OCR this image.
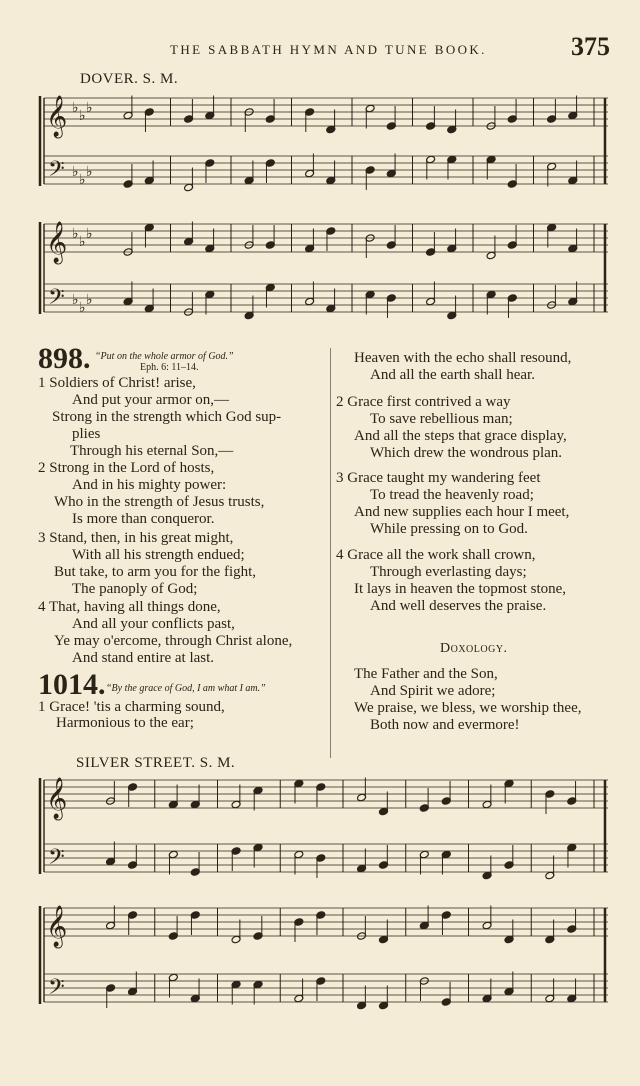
THE SABBATH HYMN AND TUNE BOOK.	375
DOVER. S. M.
𝄞
𝄢
♭
♭
♭
♭
♭
♭
𝄞
𝄢
♭
♭
♭
♭
♭
♭
898. “Put on the whole armor of God.”
Eph. 6: 11–14.
1 Soldiers of Christ! arise,
And put your armor on,—
Strong in the strength which God sup-
plies
Through his eternal Son,—
2 Strong in the Lord of hosts,
And in his mighty power:
Who in the strength of Jesus trusts,
Is more than conqueror.
3 Stand, then, in his great might,
With all his strength endued;
But take, to arm you for the fight,
The panoply of God;
4 That, having all things done,
And all your conflicts past,
Ye may o'ercome, through Christ alone,
And stand entire at last.
1014. “By the grace of God, I am what I am.”
1 Grace! 'tis a charming sound,
Harmonious to the ear;
Heaven with the echo shall resound,
And all the earth shall hear.
2 Grace first contrived a way
To save rebellious man;
And all the steps that grace display,
Which drew the wondrous plan.
3 Grace taught my wandering feet
To tread the heavenly road;
And new supplies each hour I meet,
While pressing on to God.
4 Grace all the work shall crown,
Through everlasting days;
It lays in heaven the topmost stone,
And well deserves the praise.
Doxology.
The Father and the Son,
And Spirit we adore;
We praise, we bless, we worship thee,
Both now and evermore!
SILVER STREET. S. M.
𝄞
𝄢
𝄞
𝄢
